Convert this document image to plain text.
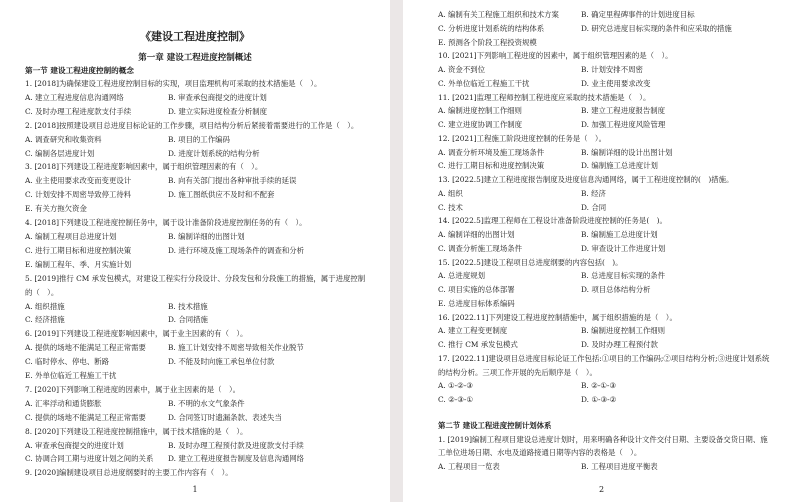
《建设工程进度控制》
第一章 建设工程进度控制概述
第一节 建设工程进度控制的概念
1. [2018]为确保建设工程进度控制目标的实现，项目监理机构可采取的技术措施是（　）。
A. 建立工程进度信息沟通网络	B. 审查承包商提交的进度计划
C. 及时办理工程进度款支付手续	D. 建立实际进度检查分析制度
2. [2018]按照建设项目总进度目标论证的工作步骤，项目结构分析后紧接着需要进行的工作是（　）。
A. 调查研究和收集资料	B. 项目的工作编码
C. 编制各层进度计划	D. 进度计划系统的结构分析
3. [2018]下列建设工程进度影响因素中，属于组织管理因素的有（　）。
A. 业主使用要求改变而变更设计	B. 向有关部门提出各种审批手续的延误
C. 计划安排不周密导致停工待料	D. 施工图纸供应不及时和不配套
E. 有关方拖欠资金
4. [2018]下列建设工程进度控制任务中，属于设计准备阶段进度控制任务的有（　）。
A. 编制工程项目总进度计划	B. 编制详细的出图计划
C. 进行工期目标和进度控制决策	D. 进行环境及施工现场条件的调查和分析
E. 编制工程年、季、月实施计划
5. [2019]推行 CM 承发包模式，对建设工程实行分段设计、分段发包和分段施工的措施，属于进度控制的（　）。
A. 组织措施	B. 技术措施
C. 经济措施	D. 合同措施
6. [2019]下列建设工程进度影响因素中，属于业主因素的有（　）。
A. 提供的场地不能满足工程正常需要	B. 施工计划安排不周密导致相关作业脱节
C. 临时停水、停电、断路	D. 不能及时向施工承包单位付款
E. 外单位临近工程施工干扰
7. [2020]下列影响工程进度的因素中，属于业主因素的是（　）。
A. 汇率浮动和通货膨胀	B. 不明的水文气象条件
C. 提供的场地不能满足工程正常需要	D. 合同签订时遗漏条款、表述失当
8. [2020]下列建设工程进度控制措施中，属于技术措施的是（　）。
A. 审查承包商提交的进度计划	B. 及时办理工程预付款及进度款支付手续
C. 协调合同工期与进度计划之间的关系	D. 建立工程进度报告制度及信息沟通网络
9. [2020]编制建设项目总进度纲要时的主要工作内容有（　）。
1
A. 编制有关工程施工组织和技术方案	B. 确定里程碑事件的计划进度目标
C. 分析进度计划系统的结构体系	D. 研究总进度目标实现的条件和应采取的措施
E. 预测各个阶段工程投资规模
10. [2021]下列影响工程进度的因素中，属于组织管理因素的是（　）。
A. 资金不到位	B. 计划安排不周密
C. 外单位临近工程施工干扰	D. 业主使用要求改变
11. [2021]监理工程师控制工程进度应采取的技术措施是（　）。
A. 编制进度控制工作细则	B. 建立工程进度报告制度
C. 建立进度协调工作制度	D. 加强工程进度风险管理
12. [2021]工程施工阶段进度控制的任务是（　）。
A. 调查分析环境及施工现场条件	B. 编制详细的设计出图计划
C. 进行工期目标和进度控制决策	D. 编制施工总进度计划
13. [2022.5]建立工程进度报告制度及进度信息沟通网络，属于工程进度控制的(　)措施。
A. 组织	B. 经济
C. 技术	D. 合同
14. [2022.5]监理工程师在工程设计准备阶段进度控制的任务是(　)。
A. 编制详细的出图计划	B. 编制施工总进度计划
C. 调查分析施工现场条件	D. 审查设计工作进度计划
15. [2022.5]建设工程项目总进度纲要的内容包括(　)。
A. 总进度规划	B. 总进度目标实现的条件
C. 项目实施的总体部署	D. 项目总体结构分析
E. 总进度目标体系编码
16. [2022.11]下列建设工程进度控制措施中，属于组织措施的是（　）。
A. 建立工程变更制度	B. 编制进度控制工作细则
C. 推行 CM 承发包模式	D. 及时办理工程预付款
17. [2022.11]建设项目总进度目标论证工作包括:①项目的工作编码;②项目结构分析;③进度计划系统的结构分析。三项工作开展的先后顺序是（　）。
A. ①-②-③	B. ②-①-③
C. ②-③-①	D. ①-③-②
第二节 建设工程进度控制计划体系
1. [2019]编制工程项目建设总进度计划时，用来明确各种设计文件交付日期、主要设备交货日期、施工单位进场日期、水电及道路接通日期等内容的表格是（　）。
A. 工程项目一览表	B. 工程项目进度平衡表
2
